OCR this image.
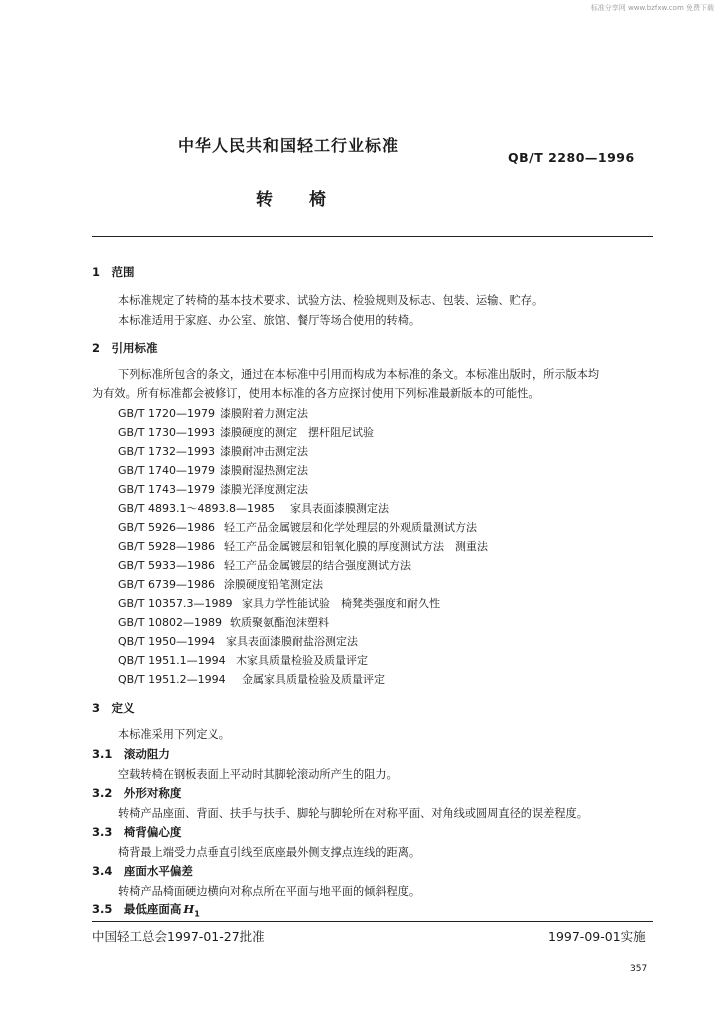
标准分享网 www.bzfxw.com 免费下载
中华人民共和国轻工行业标准
QB/T 2280—1996
转椅
1　 范围
本标准规定了转椅的基本技术要求、试验方法、检验规则及标志、包装、运输、贮存。
本标准适用于家庭、办公室、旅馆、餐厅等场合使用的转椅。
2　 引用标准
下列标准所包含的条文，通过在本标准中引用而构成为本标准的条文。本标准出版时，所示版本均
为有效。所有标准都会被修订，使用本标准的各方应探讨使用下列标准最新版本的可能性。
GB/T 1720—1979 漆膜附着力测定法
GB/T 1730—1993 漆膜硬度的测定　摆杆阻尼试验
GB/T 1732—1993 漆膜耐冲击测定法
GB/T 1740—1979 漆膜耐湿热测定法
GB/T 1743—1979 漆膜光泽度测定法
GB/T 4893.1～4893.8—1985 家具表面漆膜测定法
GB/T 5926—1986 轻工产品金属镀层和化学处理层的外观质量测试方法
GB/T 5928—1986 轻工产品金属镀层和铝氧化膜的厚度测试方法　测重法
GB/T 5933—1986 轻工产品金属镀层的结合强度测试方法
GB/T 6739—1986 涂膜硬度铅笔测定法
GB/T 10357.3—1989 家具力学性能试验　椅凳类强度和耐久性
GB/T 10802—1989 软质聚氨酯泡沫塑料
QB/T 1950—1994 家具表面漆膜耐盐浴测定法
QB/T 1951.1—1994 木家具质量检验及质量评定
QB/T 1951.2—1994 金属家具质量检验及质量评定
3　 定义
本标准采用下列定义。
3.1　 滚动阻力
空载转椅在钢板表面上平动时其脚轮滚动所产生的阻力。
3.2　 外形对称度
转椅产品座面、背面、扶手与扶手、脚轮与脚轮所在对称平面、对角线或圆周直径的误差程度。
3.3　 椅背偏心度
椅背最上端受力点垂直引线至底座最外侧支撑点连线的距离。
3.4　 座面水平偏差
转椅产品椅面硬边横向对称点所在平面与地平面的倾斜程度。
3.5　 最低座面高 $H_1$
中国轻工总会1997-01-27批准	1997-09-01实施
357
